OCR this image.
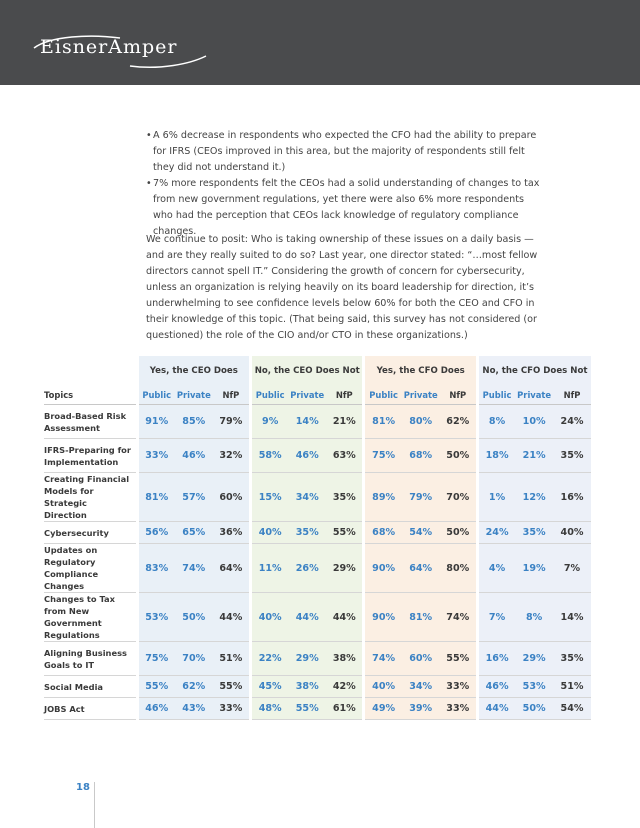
EisnerAmper
• A 6% decrease in respondents who expected the CFO had the ability to prepare for IFRS (CEOs improved in this area, but the majority of respondents still felt they did not understand it.)
• 7% more respondents felt the CEOs had a solid understanding of changes to tax from new government regulations, yet there were also 6% more respondents who had the perception that CEOs lack knowledge of regulatory compliance changes.

We continue to posit: Who is taking ownership of these issues on a daily basis — and are they really suited to do so? Last year, one director stated: “…most fellow directors cannot spell IT.” Considering the growth of concern for cybersecurity, unless an organization is relying heavily on its board leadership for direction, it’s underwhelming to see confidence levels below 60% for both the CEO and CFO in their knowledge of this topic. (That being said, this survey has not considered (or questioned) the role of the CIO and/or CTO in these organizations.)

	Yes, the CEO Does			No, the CEO Does Not			Yes, the CFO Does			No, the CFO Does Not		
Topics	Public	Private	NfP	Public	Private	NfP	Public	Private	NfP	Public	Private	NfP
Broad-Based Risk Assessment	91%	85%	79%	9%	14%	21%	81%	80%	62%	8%	10%	24%
IFRS-Preparing for Implementation	33%	46%	32%	58%	46%	63%	75%	68%	50%	18%	21%	35%
Creating Financial Models for Strategic Direction	81%	57%	60%	15%	34%	35%	89%	79%	70%	1%	12%	16%
Cybersecurity	56%	65%	36%	40%	35%	55%	68%	54%	50%	24%	35%	40%
Updates on Regulatory Compliance Changes	83%	74%	64%	11%	26%	29%	90%	64%	80%	4%	19%	7%
Changes to Tax from New Government Regulations	53%	50%	44%	40%	44%	44%	90%	81%	74%	7%	8%	14%
Aligning Business Goals to IT	75%	70%	51%	22%	29%	38%	74%	60%	55%	16%	29%	35%
Social Media	55%	62%	55%	45%	38%	42%	40%	34%	33%	46%	53%	51%
JOBS Act	46%	43%	33%	48%	55%	61%	49%	39%	33%	44%	50%	54%
18
